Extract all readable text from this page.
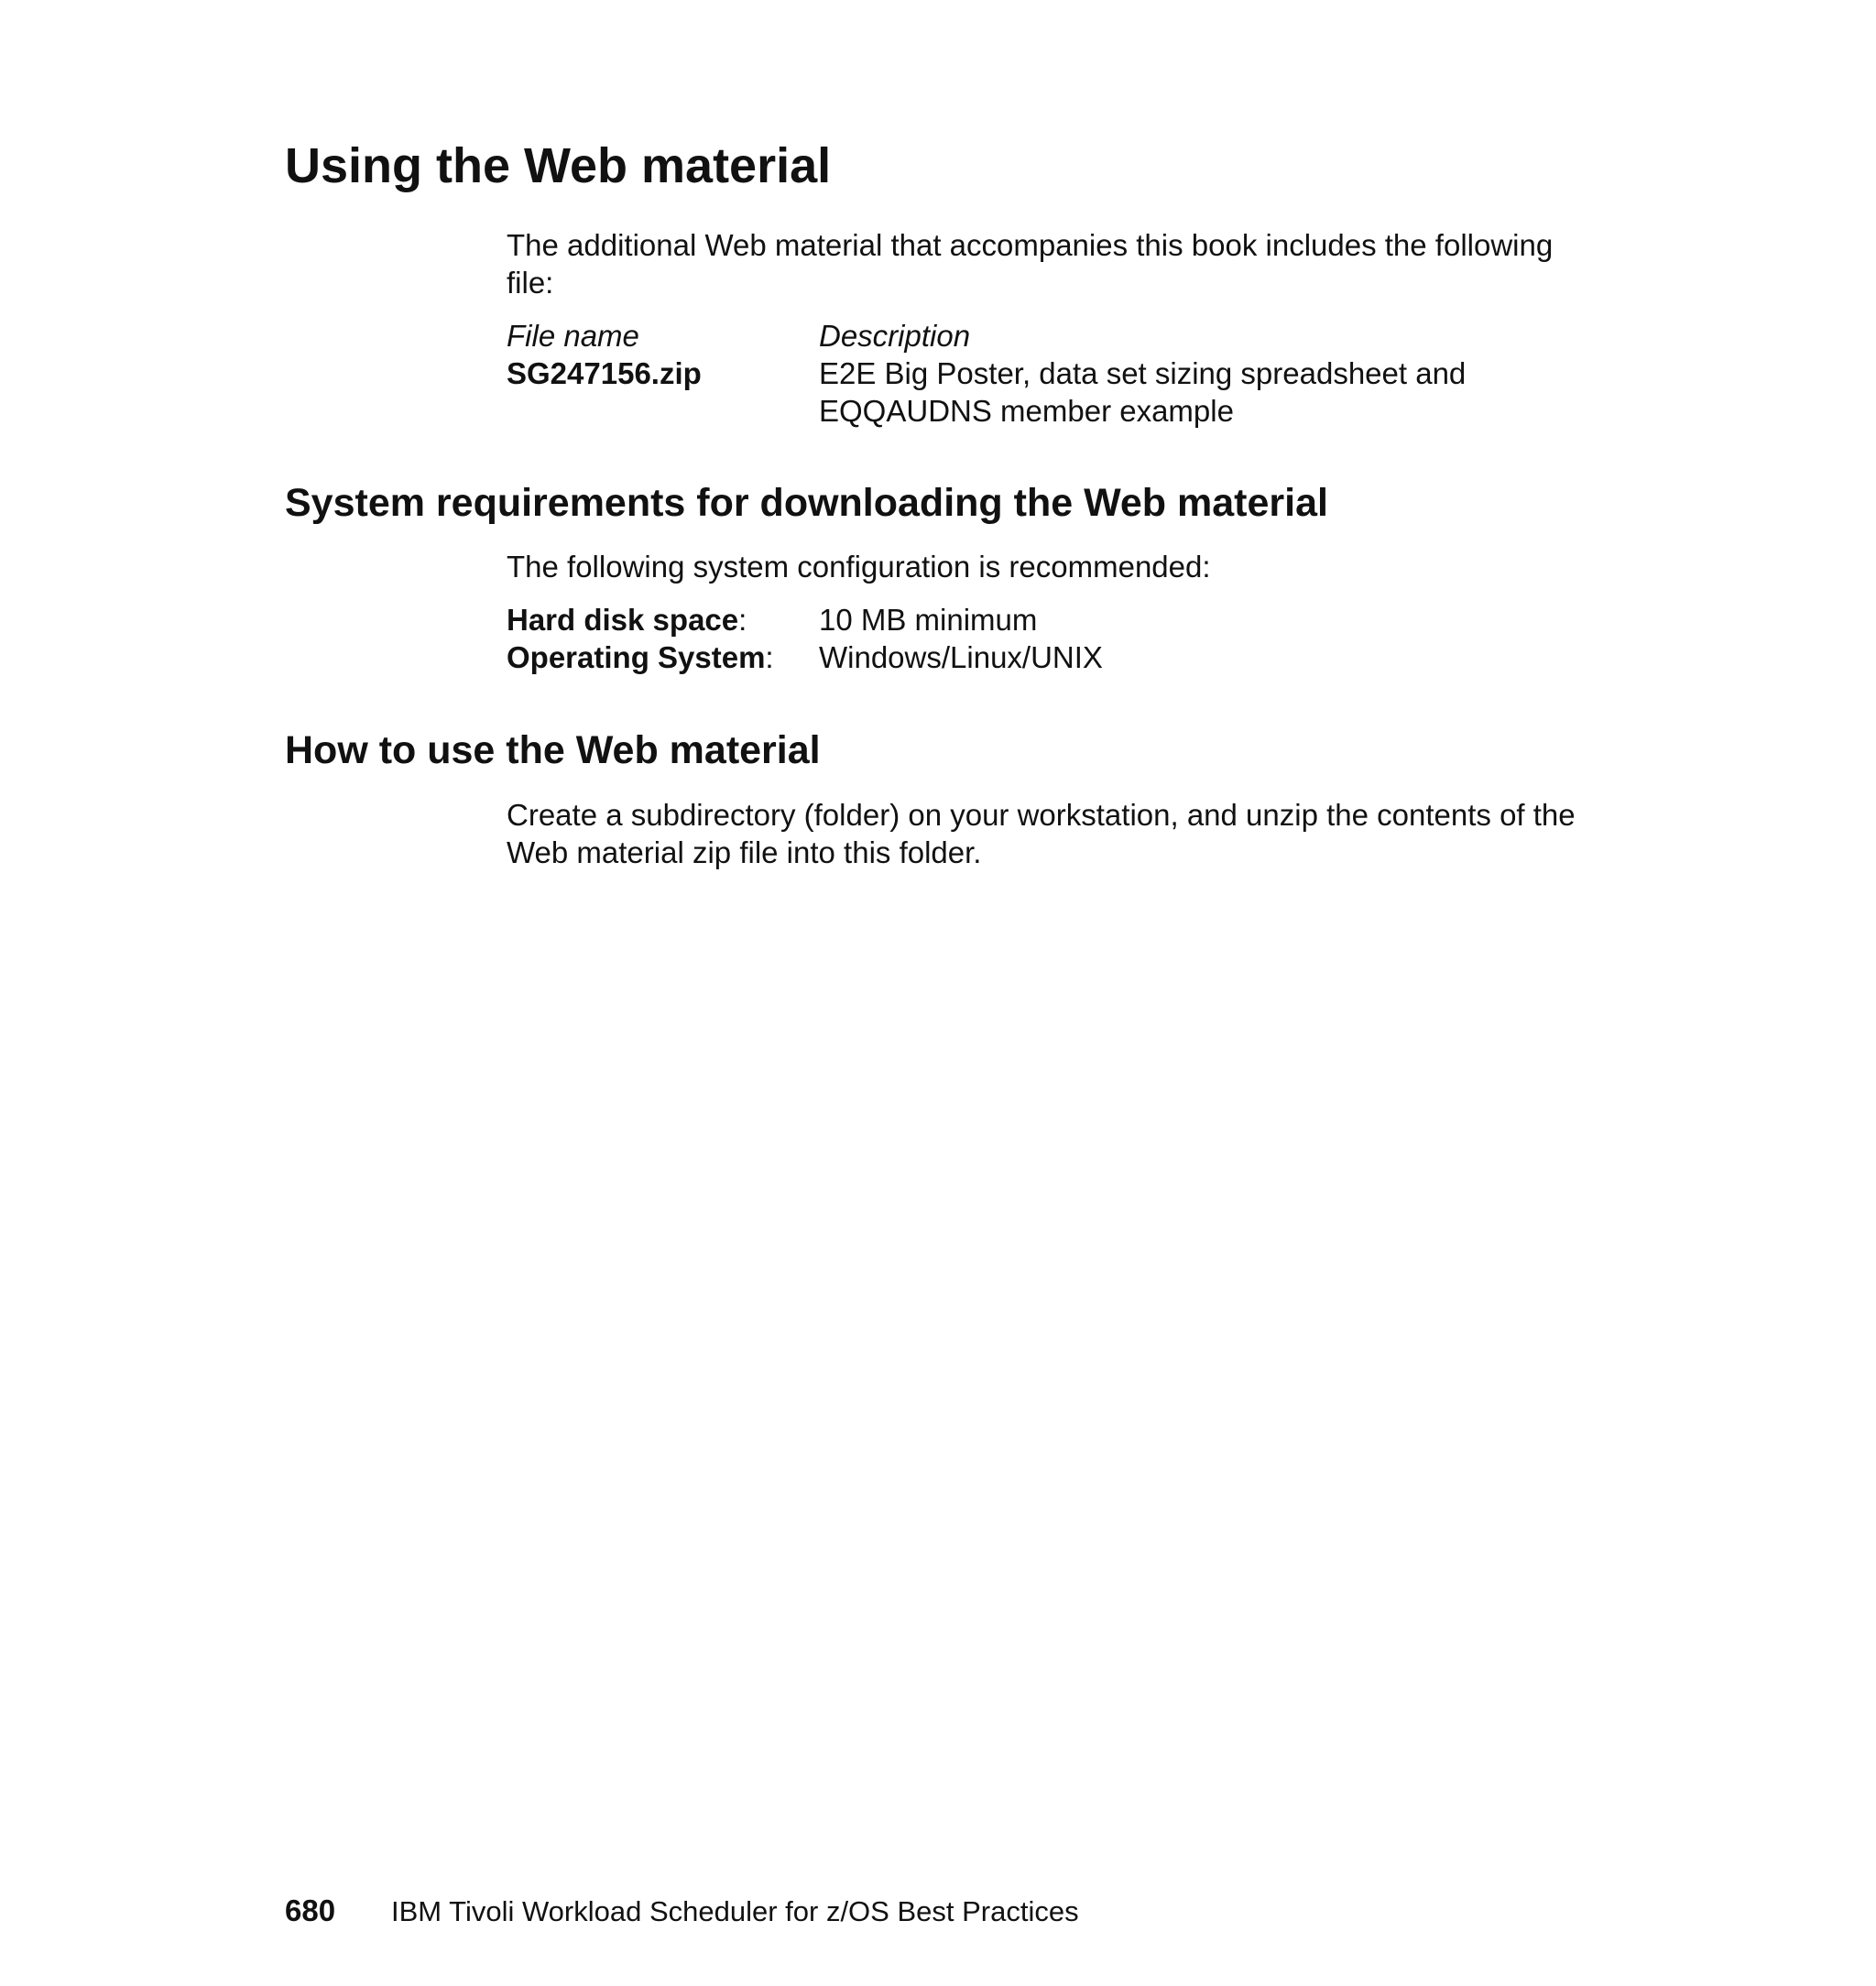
Using the Web material

The additional Web material that accompanies this book includes the following file:

File name	Description
SG247156.zip	E2E Big Poster, data set sizing spreadsheet and EQQAUDNS member example
System requirements for downloading the Web material

The following system configuration is recommended:

Hard disk space: 10 MB minimum
Operating System: Windows/Linux/UNIX
How to use the Web material

Create a subdirectory (folder) on your workstation, and unzip the contents of the Web material zip file into this folder.

680 IBM Tivoli Workload Scheduler for z/OS Best Practices
